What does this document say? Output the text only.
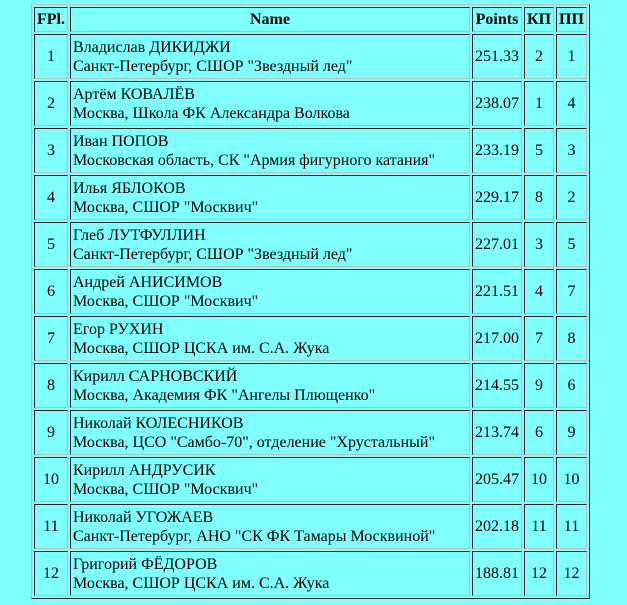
FPl.	Name	Points	КП	ПП
1	Владислав ДИКИДЖИ
Санкт-Петербург, СШОР "Звездный лед"	251.33	2	1
2	Артём КОВАЛЁВ
Москва, Школа ФК Александра Волкова	238.07	1	4
3	Иван ПОПОВ
Московская область, СК "Армия фигурного катания"	233.19	5	3
4	Илья ЯБЛОКОВ
Москва, СШОР "Москвич"	229.17	8	2
5	Глеб ЛУТФУЛЛИН
Санкт-Петербург, СШОР "Звездный лед"	227.01	3	5
6	Андрей АНИСИМОВ
Москва, СШОР "Москвич"	221.51	4	7
7	Егор РУХИН
Москва, СШОР ЦСКА им. С.А. Жука	217.00	7	8
8	Кирилл САРНОВСКИЙ
Москва, Академия ФК "Ангелы Плющенко"	214.55	9	6
9	Николай КОЛЕСНИКОВ
Москва, ЦСО "Самбо-70", отделение "Хрустальный"	213.74	6	9
10	Кирилл АНДРУСИК
Москва, СШОР "Москвич"	205.47	10	10
11	Николай УГОЖАЕВ
Санкт-Петербург, АНО "СК ФК Тамары Москвиной"	202.18	11	11
12	Григорий ФЁДОРОВ
Москва, СШОР ЦСКА им. С.А. Жука	188.81	12	12
